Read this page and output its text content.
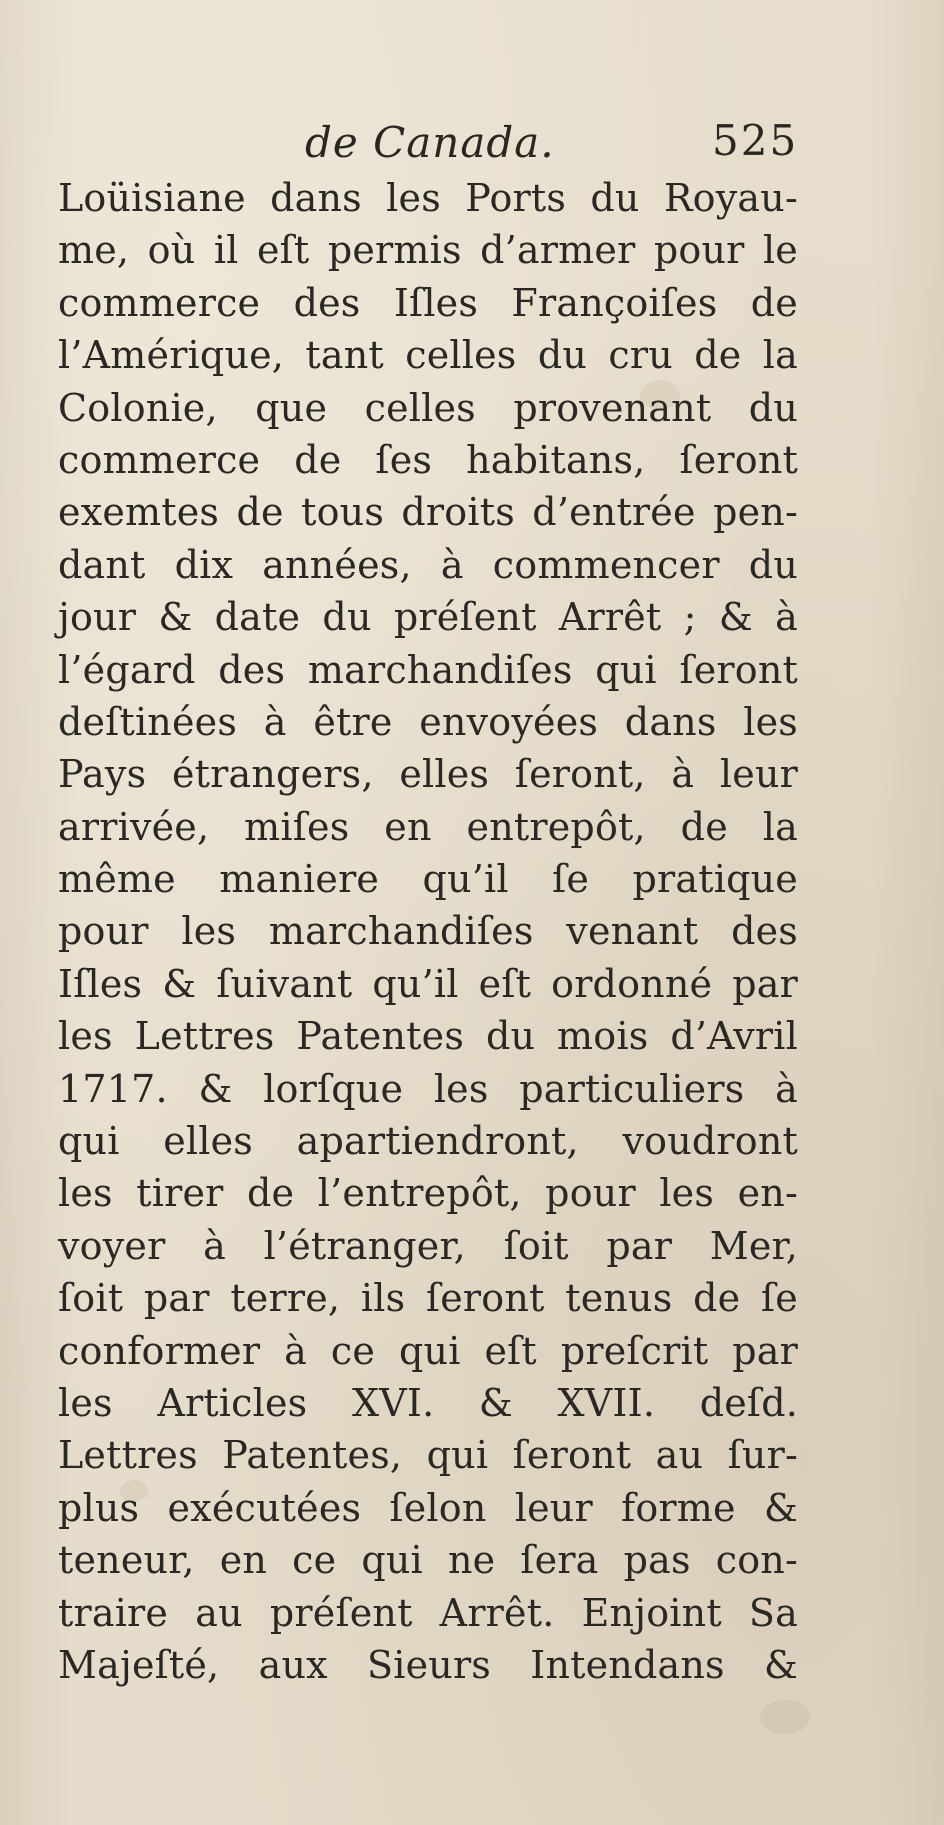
de Canada.	525
Loüisiane dans les Ports du Royau-
me, où il eſt permis d’armer pour le
commerce des Iſles Françoiſes de
l’Amérique, tant celles du cru de la
Colonie, que celles provenant du
commerce de ſes habitans, ſeront
exemtes de tous droits d’entrée pen-
dant dix années, à commencer du
jour & date du préſent Arrêt ; & à
l’égard des marchandiſes qui ſeront
deſtinées à être envoyées dans les
Pays étrangers, elles ſeront, à leur
arrivée, miſes en entrepôt, de la
même maniere qu’il ſe pratique
pour les marchandiſes venant des
Iſles & ſuivant qu’il eſt ordonné par
les Lettres Patentes du mois d’Avril
1717. & lorſque les particuliers à
qui elles apartiendront, voudront
les tirer de l’entrepôt, pour les en-
voyer à l’étranger, ſoit par Mer,
ſoit par terre, ils ſeront tenus de ſe
conformer à ce qui eſt preſcrit par
les Articles XVI. & XVII. deſd.
Lettres Patentes, qui ſeront au ſur-
plus exécutées ſelon leur forme &
teneur, en ce qui ne ſera pas con-
traire au préſent Arrêt. Enjoint Sa
Majeſté, aux Sieurs Intendans &
